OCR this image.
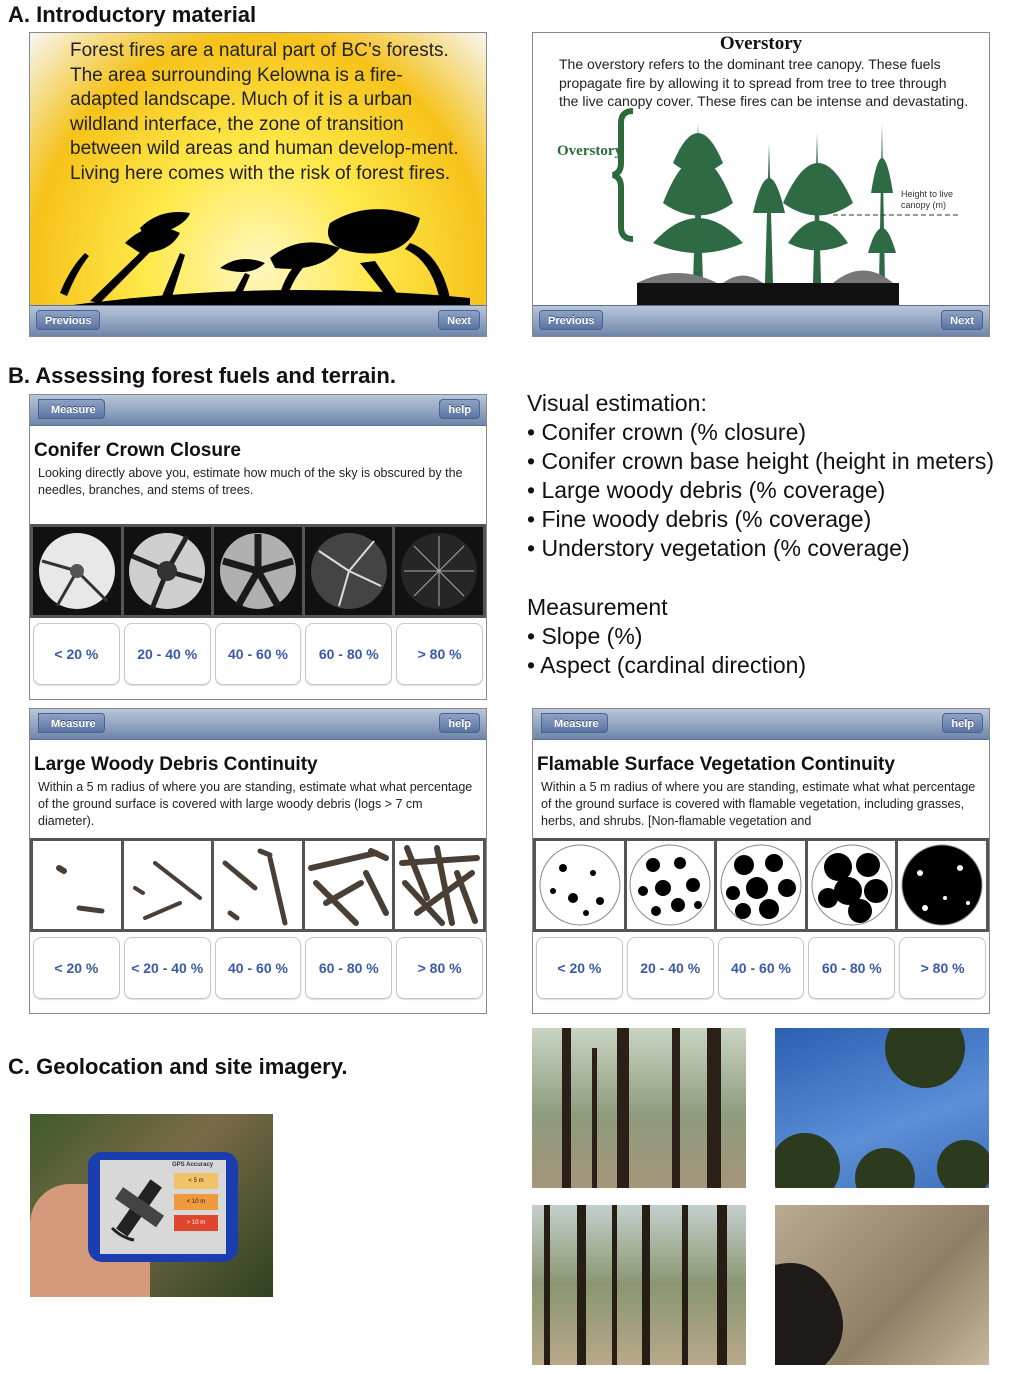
A. Introductory material
Forest fires are a natural part of BC’s forests. The area surrounding Kelowna is a fire-adapted landscape. Much of it is a urban wildland interface, the zone of transition between wild areas and human develop-ment. Living here comes with the risk of forest fires.
Previous	Next
Overstory
The overstory refers to the dominant tree canopy. These fuels propagate fire by allowing it to spread from tree to tree through the live canopy cover. These fires can be intense and devastating.
Overstory
Height to live canopy (m)
Previous	Next
B. Assessing forest fuels and terrain.
Measure	help
Conifer Crown Closure
Looking directly above you, estimate how much of the sky is obscured by the needles, branches, and stems of trees.
< 20 %	20 - 40 %	40 - 60 %	60 - 80 %	> 80 %
Visual estimation:
• Conifer crown (% closure)
• Conifer crown base height (height in meters)
• Large woody debris (% coverage)
• Fine woody debris (% coverage)
• Understory vegetation (% coverage)
Measurement
• Slope (%)
• Aspect (cardinal direction)
Measure	help
Large Woody Debris Continuity
Within a 5 m radius of where you are standing, estimate what what percentage of the ground surface is covered with large woody debris (logs > 7 cm diameter).
< 20 %	< 20 - 40 %	40 - 60 %	60 - 80 %	> 80 %
Measure	help
Flamable Surface Vegetation Continuity
Within a 5 m radius of where you are standing, estimate what what percentage of the ground surface is covered with flamable vegetation, including grasses, herbs, and shrubs. [Non-flamable vegetation and
< 20 %	20 - 40 %	40 - 60 %	60 - 80 %	> 80 %
C. Geolocation and site imagery.
GPS Accuracy
< 5 m
< 10 m
> 10 m
